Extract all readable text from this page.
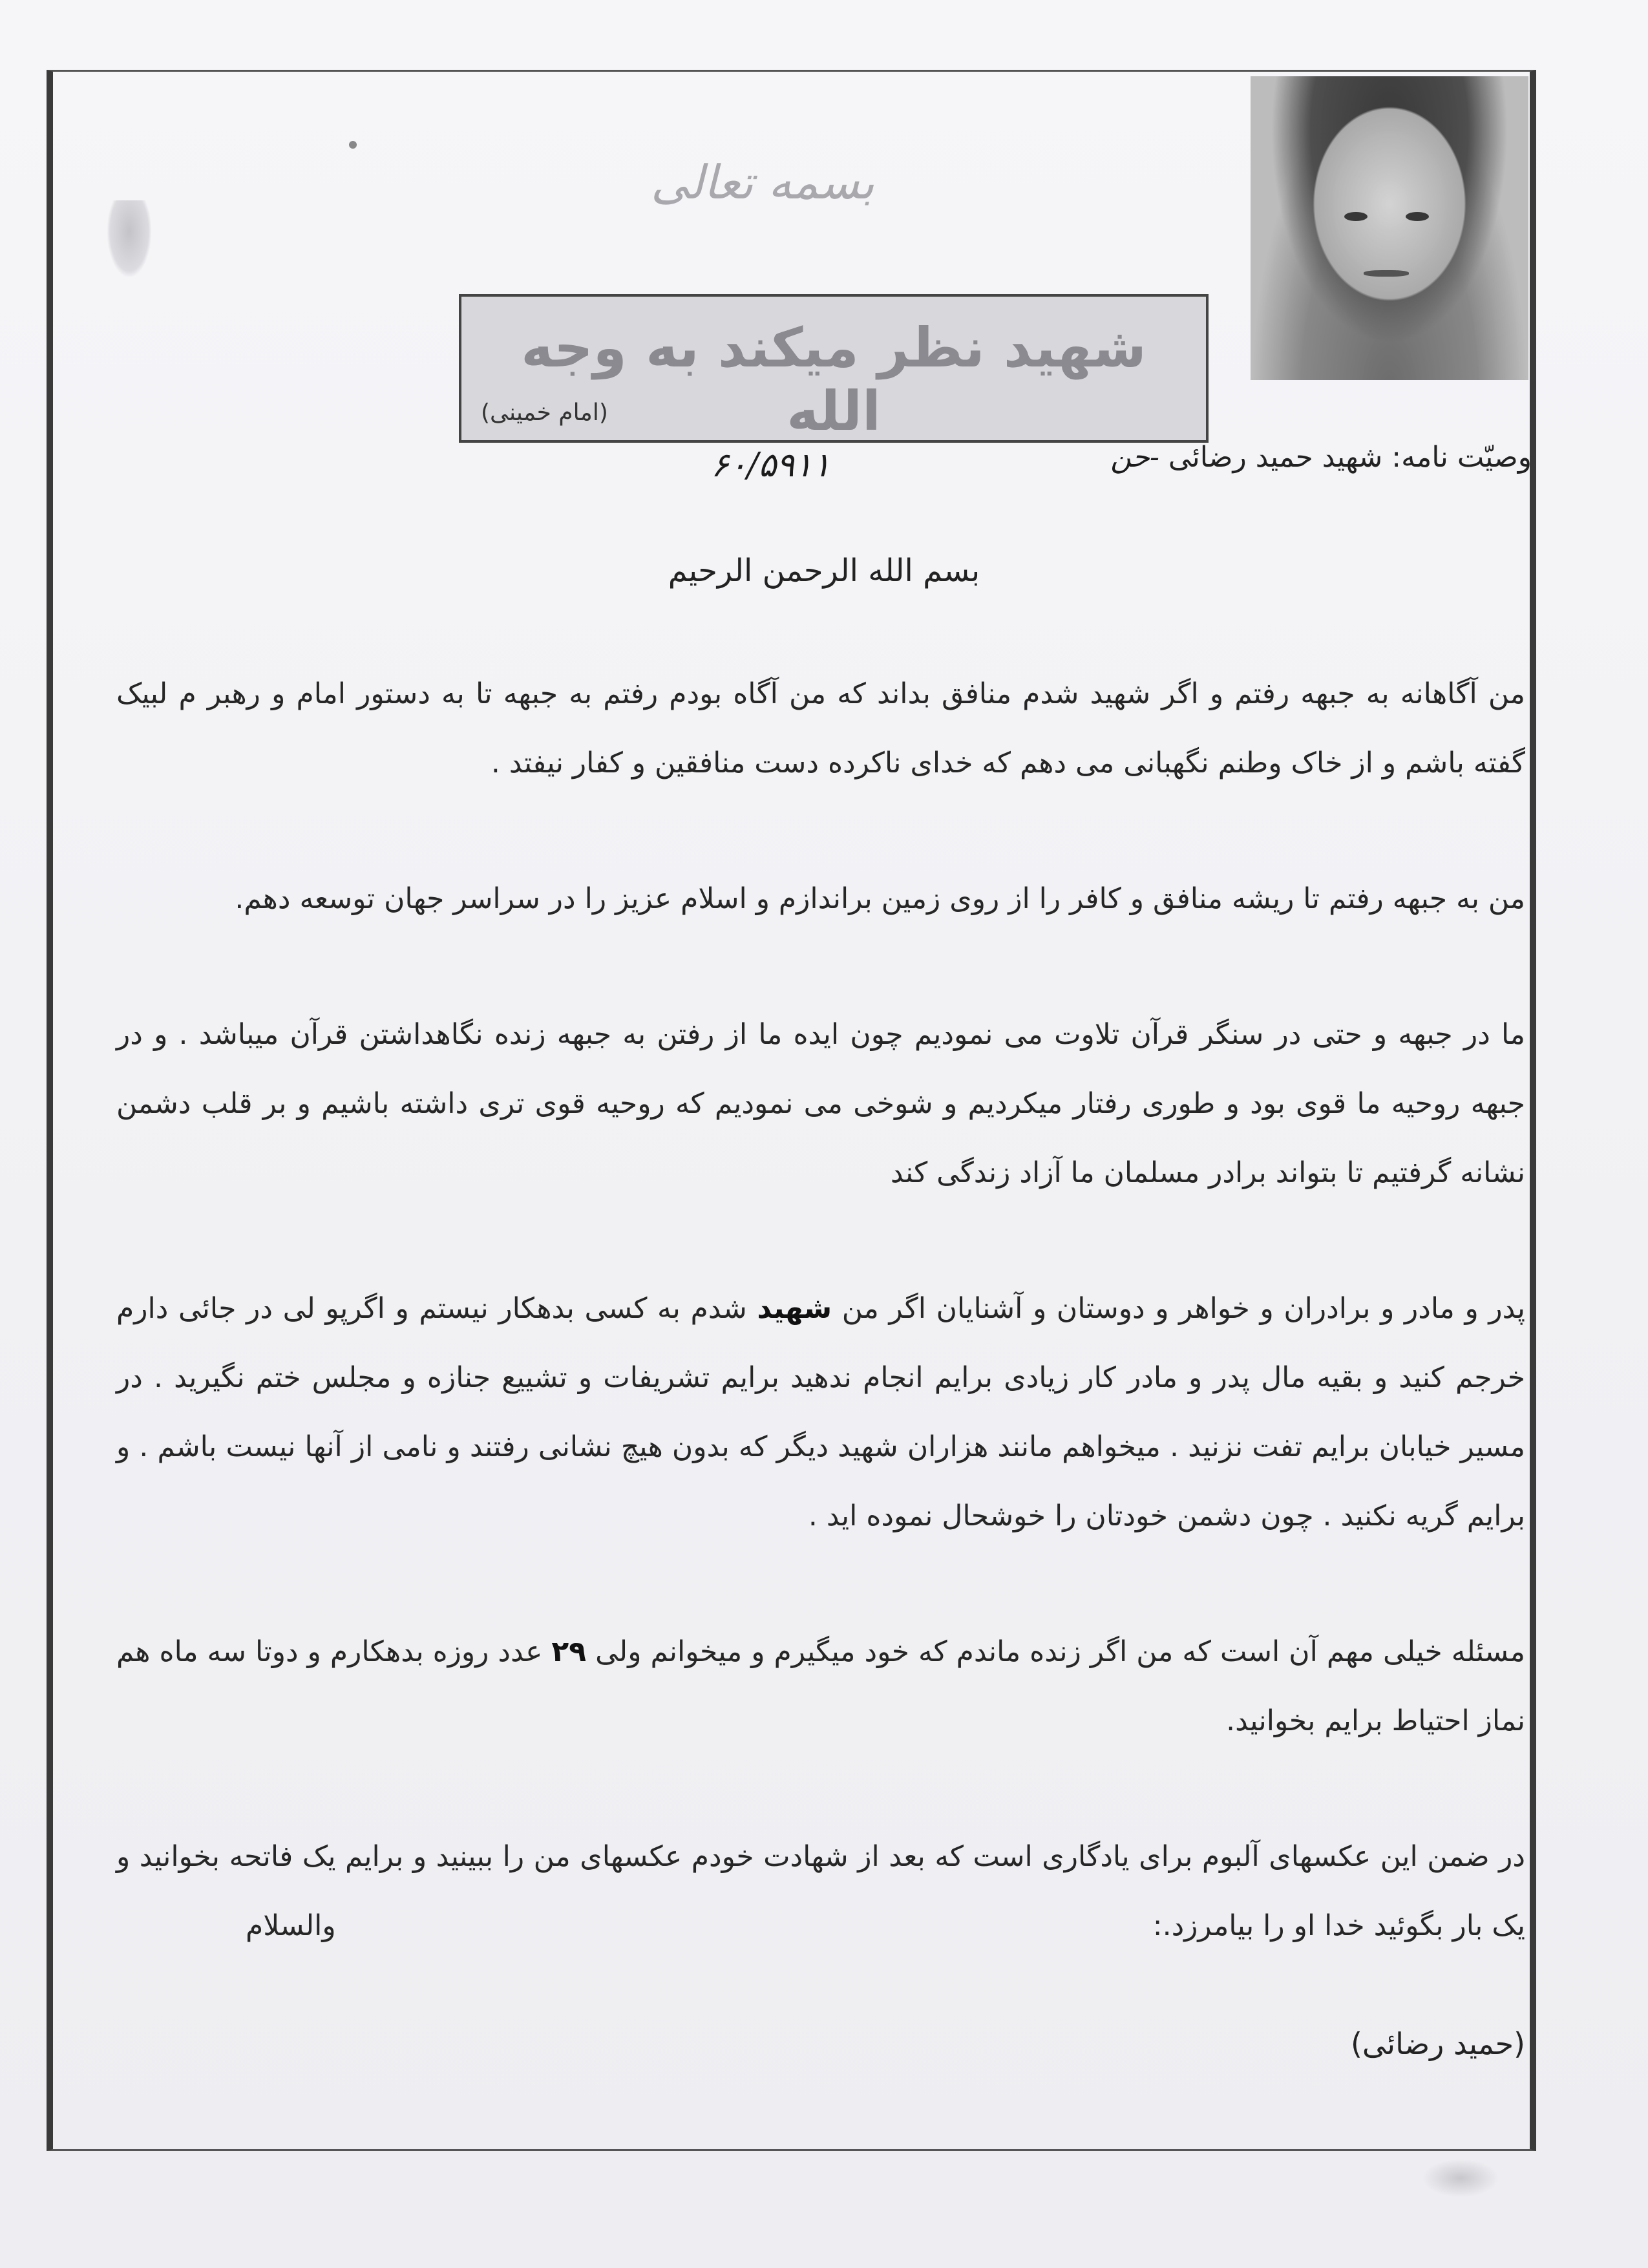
بسمه تعالی
شهید نظر میکند به وجه الله
(امام خمینی)
وصیّت نامه: شهید حمید رضائی -حن
۶۰/۵۹۱۱
بسم الله الرحمن الرحیم

من آگاهانه به جبهه رفتم و اگر شهید شدم منافق بداند که من آگاه بودم رفتم به جبهه تا به دستور امام و رهبر م لبیک گفته باشم و از خاک وطنم نگهبانی می دهم که خدای ناکرده دست منافقین و کفار نیفتد .

من به جبهه رفتم تا ریشه منافق و کافر را از روی زمین براندازم و اسلام عزیز را در سراسر جهان توسعه دهم.

ما در جبهه و حتی در سنگر قرآن تلاوت می نمودیم چون ایده ما از رفتن به جبهه زنده نگاهداشتن قرآن میباشد . و در جبهه روحیه ما قوی بود و طوری رفتار میکردیم و شوخی می نمودیم که روحیه قوی تری داشته باشیم و بر قلب دشمن نشانه گرفتیم تا بتواند برادر مسلمان ما آزاد زندگی کند

پدر و مادر و برادران و خواهر و دوستان و آشنایان اگر من شهید شدم به کسی بدهکار نیستم و اگرپو لی در جائی دارم خرجم کنید و بقیه مال پدر و مادر کار زیادی برایم انجام ندهید برایم تشریفات و تشییع جنازه و مجلس ختم نگیرید . در مسیر خیابان برایم تفت نزنید . میخواهم مانند هزاران شهید دیگر که بدون هیچ نشانی رفتند و نامی از آنها نیست باشم . و برایم گریه نکنید . چون دشمن خودتان را خوشحال نموده اید .

مسئله خیلی مهم آن است که من اگر زنده ماندم که خود میگیرم و میخوانم ولی ۲۹ عدد روزه بدهکارم و دوتا سه ماه هم نماز احتیاط برایم بخوانید.

در ضمن این عکسهای آلبوم برای یادگاری است که بعد از شهادت خودم عکسهای من را ببینید و برایم یک فاتحه بخوانید و یک بار بگوئید خدا او را بیامرزد.:
والسلام

(حمید رضائی)
